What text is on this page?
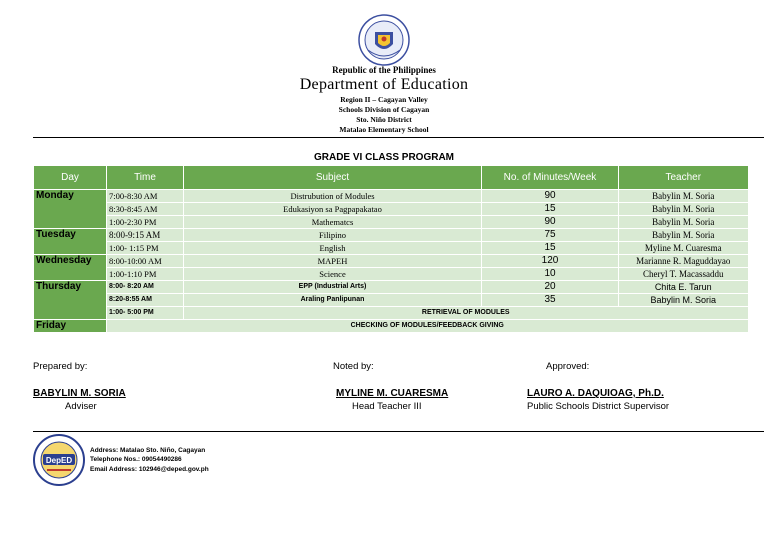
Republic of the Philippines
Department of Education
Region II – Cagayan Valley
Schools Division of Cagayan
Sto. Niño District
Matalao Elementary School
GRADE VI CLASS PROGRAM
Day	Time	Subject	No. of Minutes/Week	Teacher
Monday	7:00-8:30 AM	Distrubution of Modules	90	Babylin M. Soria
	8:30-8:45 AM	Edukasiyon sa Pagpapakatao	15	Babylin M. Soria
	1:00-2:30 PM	Mathematcs	90	Babylin M. Soria
Tuesday	8:00-9:15 AM	Filipino	75	Babylin M. Soria
	1:00- 1:15 PM	English	15	Myline M. Cuaresma
Wednesday	8:00-10:00 AM	MAPEH	120	Marianne R. Maguddayao
	1:00-1:10 PM	Science	10	Cheryl T. Macassaddu
Thursday	8:00- 8:20 AM	EPP (Industrial Arts)	20	Chita E. Tarun
	8:20-8:55 AM	Araling Panlipunan	35	Babylin M. Soria
	1:00- 5:00 PM	RETRIEVAL OF MODULES		
Friday	CHECKING OF MODULES/FEEDBACK GIVING			
Prepared by:	Noted by:	Approved:
BABYLIN M. SORIA
Adviser
MYLINE M. CUARESMA
Head Teacher III
LAURO A. DAQUIOAG, Ph.D.
Public Schools District Supervisor
DepED
Address: Matalao Sto. Niño, Cagayan
Telephone Nos.: 09054490286
Email Address: 102946@deped.gov.ph
